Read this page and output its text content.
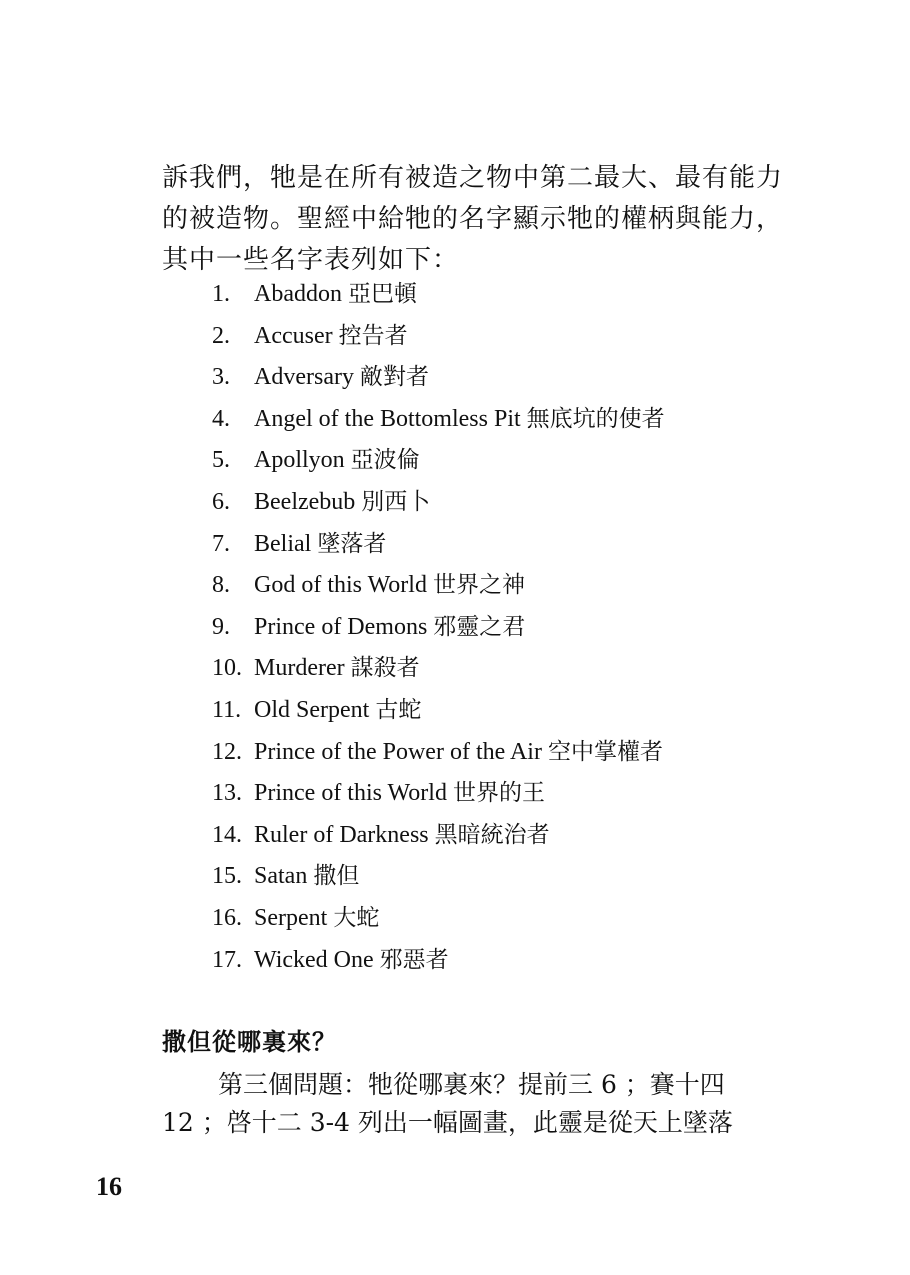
訴我們，牠是在所有被造之物中第二最大、最有能力
的被造物。聖經中給牠的名字顯示牠的權柄與能力，
其中一些名字表列如下：
1. Abaddon 亞巴頓
2. Accuser 控告者
3. Adversary 敵對者
4. Angel of the Bottomless Pit 無底坑的使者
5. Apollyon 亞波倫
6. Beelzebub 別西卜
7. Belial 墜落者
8. God of this World 世界之神
9. Prince of Demons 邪靈之君
10. Murderer 謀殺者
11. Old Serpent 古蛇
12. Prince of the Power of the Air 空中掌權者
13. Prince of this World 世界的王
14. Ruler of Darkness 黑暗統治者
15. Satan 撒但
16. Serpent 大蛇
17. Wicked One 邪惡者
撒但從哪裏來？
第三個問題：牠從哪裏來？提前三 6 ；賽十四
12 ；啓十二 3-4 列出一幅圖畫，此靈是從天上墜落
16
